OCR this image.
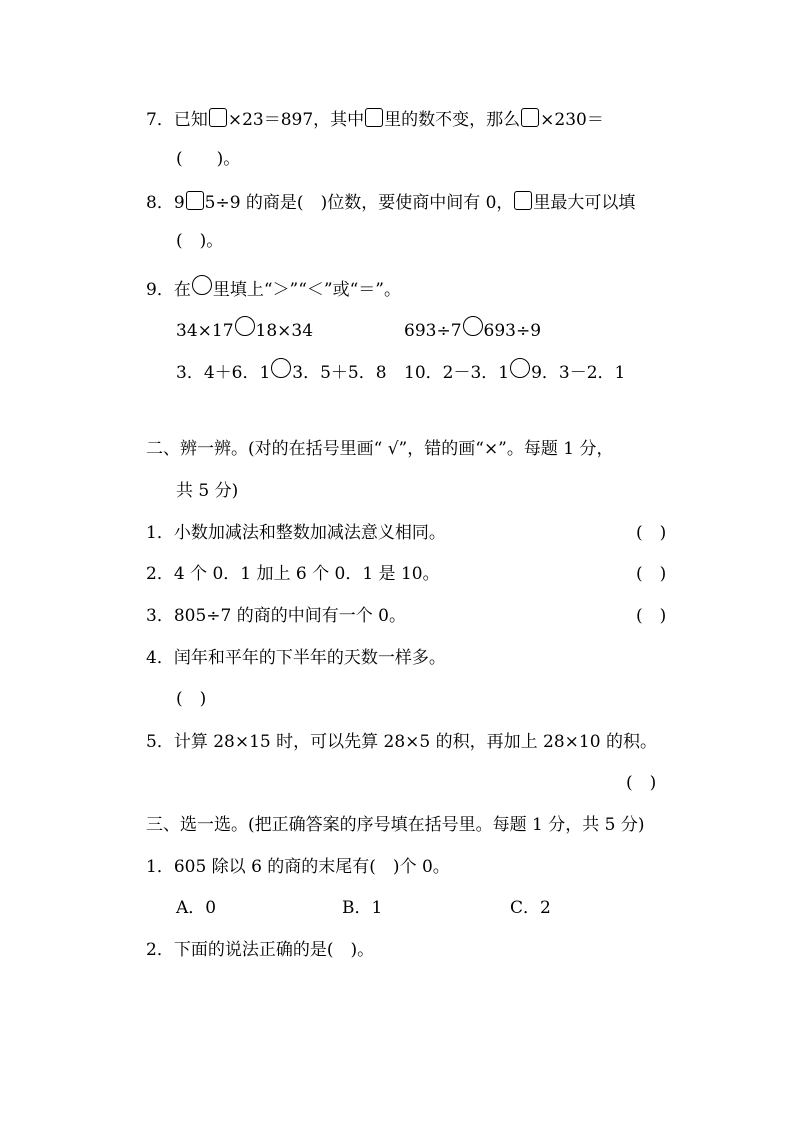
7．已知 ×23＝897，其中 里的数不变，那么 ×230＝
(　　)。
8．9 5÷9 的商是(　)位数，要使商中间有 0， 里最大可以填
(　)。
9．在 里填上“＞”“＜”或“＝”。
34×17 18×34	693÷7 693÷9
3．4＋6．1 3．5＋5．8 10．2－3．1 9．3－2．1
二、辨一辨。(对的在括号里画“ √”，错的画“×”。每题 1 分，
共 5 分)
1．小数加减法和整数加减法意义相同。	(　)
2．4 个 0．1 加上 6 个 0．1 是 10。	(　)
3．805÷7 的商的中间有一个 0。	(　)
4．闰年和平年的下半年的天数一样多。
(　)
5．计算 28×15 时，可以先算 28×5 的积，再加上 28×10 的积。
(　)
三、选一选。(把正确答案的序号填在括号里。每题 1 分，共 5 分)
1．605 除以 6 的商的末尾有(　)个 0。
A．0	B．1	C．2
2．下面的说法正确的是(　)。
